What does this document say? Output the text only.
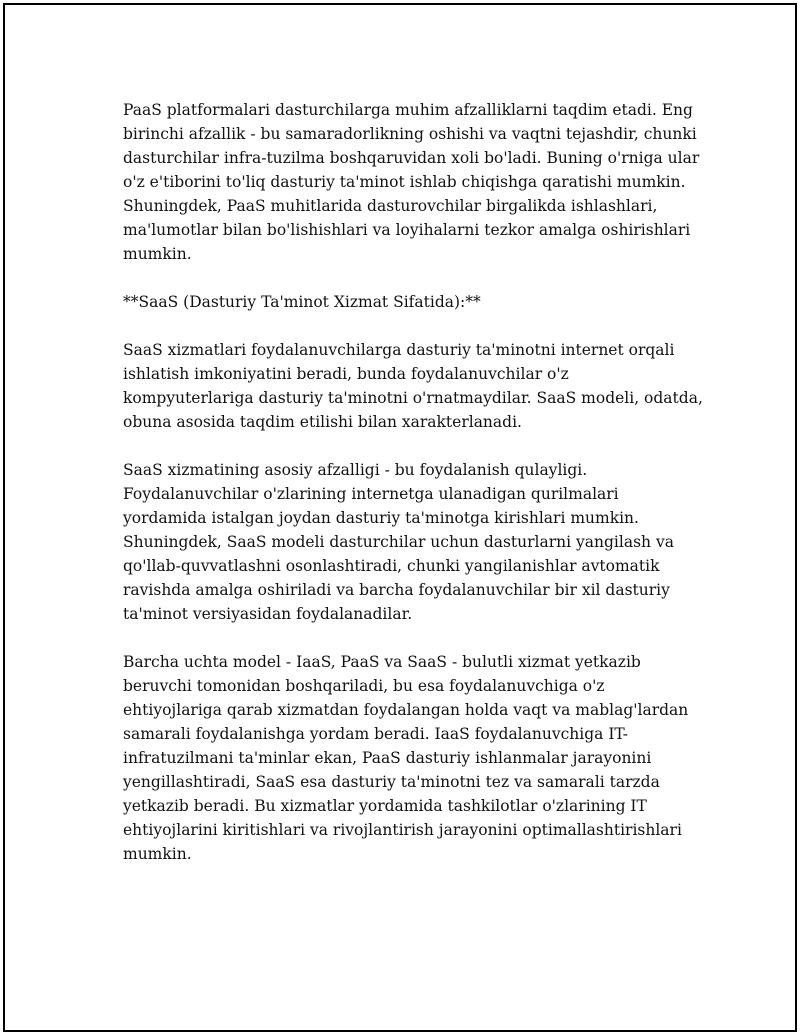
PaaS platformalari dasturchilarga muhim afzalliklarni taqdim etadi. Eng birinchi afzallik - bu samaradorlikning oshishi va vaqtni tejashdir, chunki dasturchilar infra-tuzilma boshqaruvidan xoli bo'ladi. Buning o'rniga ular o'z e'tiborini to'liq dasturiy ta'minot ishlab chiqishga qaratishi mumkin. Shuningdek, PaaS muhitlarida dasturovchilar birgalikda ishlashlari, ma'lumotlar bilan bo'lishishlari va loyihalarni tezkor amalga oshirishlari mumkin.

**SaaS (Dasturiy Ta'minot Xizmat Sifatida):**

SaaS xizmatlari foydalanuvchilarga dasturiy ta'minotni internet orqali ishlatish imkoniyatini beradi, bunda foydalanuvchilar o'z kompyuterlariga dasturiy ta'minotni o'rnatmaydilar. SaaS modeli, odatda, obuna asosida taqdim etilishi bilan xarakterlanadi.

SaaS xizmatining asosiy afzalligi - bu foydalanish qulayligi. Foydalanuvchilar o'zlarining internetga ulanadigan qurilmalari yordamida istalgan joydan dasturiy ta'minotga kirishlari mumkin. Shuningdek, SaaS modeli dasturchilar uchun dasturlarni yangilash va qo'llab-quvvatlashni osonlashtiradi, chunki yangilanishlar avtomatik ravishda amalga oshiriladi va barcha foydalanuvchilar bir xil dasturiy ta'minot versiyasidan foydalanadilar.

Barcha uchta model - IaaS, PaaS va SaaS - bulutli xizmat yetkazib beruvchi tomonidan boshqariladi, bu esa foydalanuvchiga o'z ehtiyojlariga qarab xizmatdan foydalangan holda vaqt va mablag'lardan samarali foydalanishga yordam beradi. IaaS foydalanuvchiga IT-infratuzilmani ta'minlar ekan, PaaS dasturiy ishlanmalar jarayonini yengillashtiradi, SaaS esa dasturiy ta'minotni tez va samarali tarzda yetkazib beradi. Bu xizmatlar yordamida tashkilotlar o'zlarining IT ehtiyojlarini kiritishlari va rivojlantirish jarayonini optimallashtirishlari mumkin.
